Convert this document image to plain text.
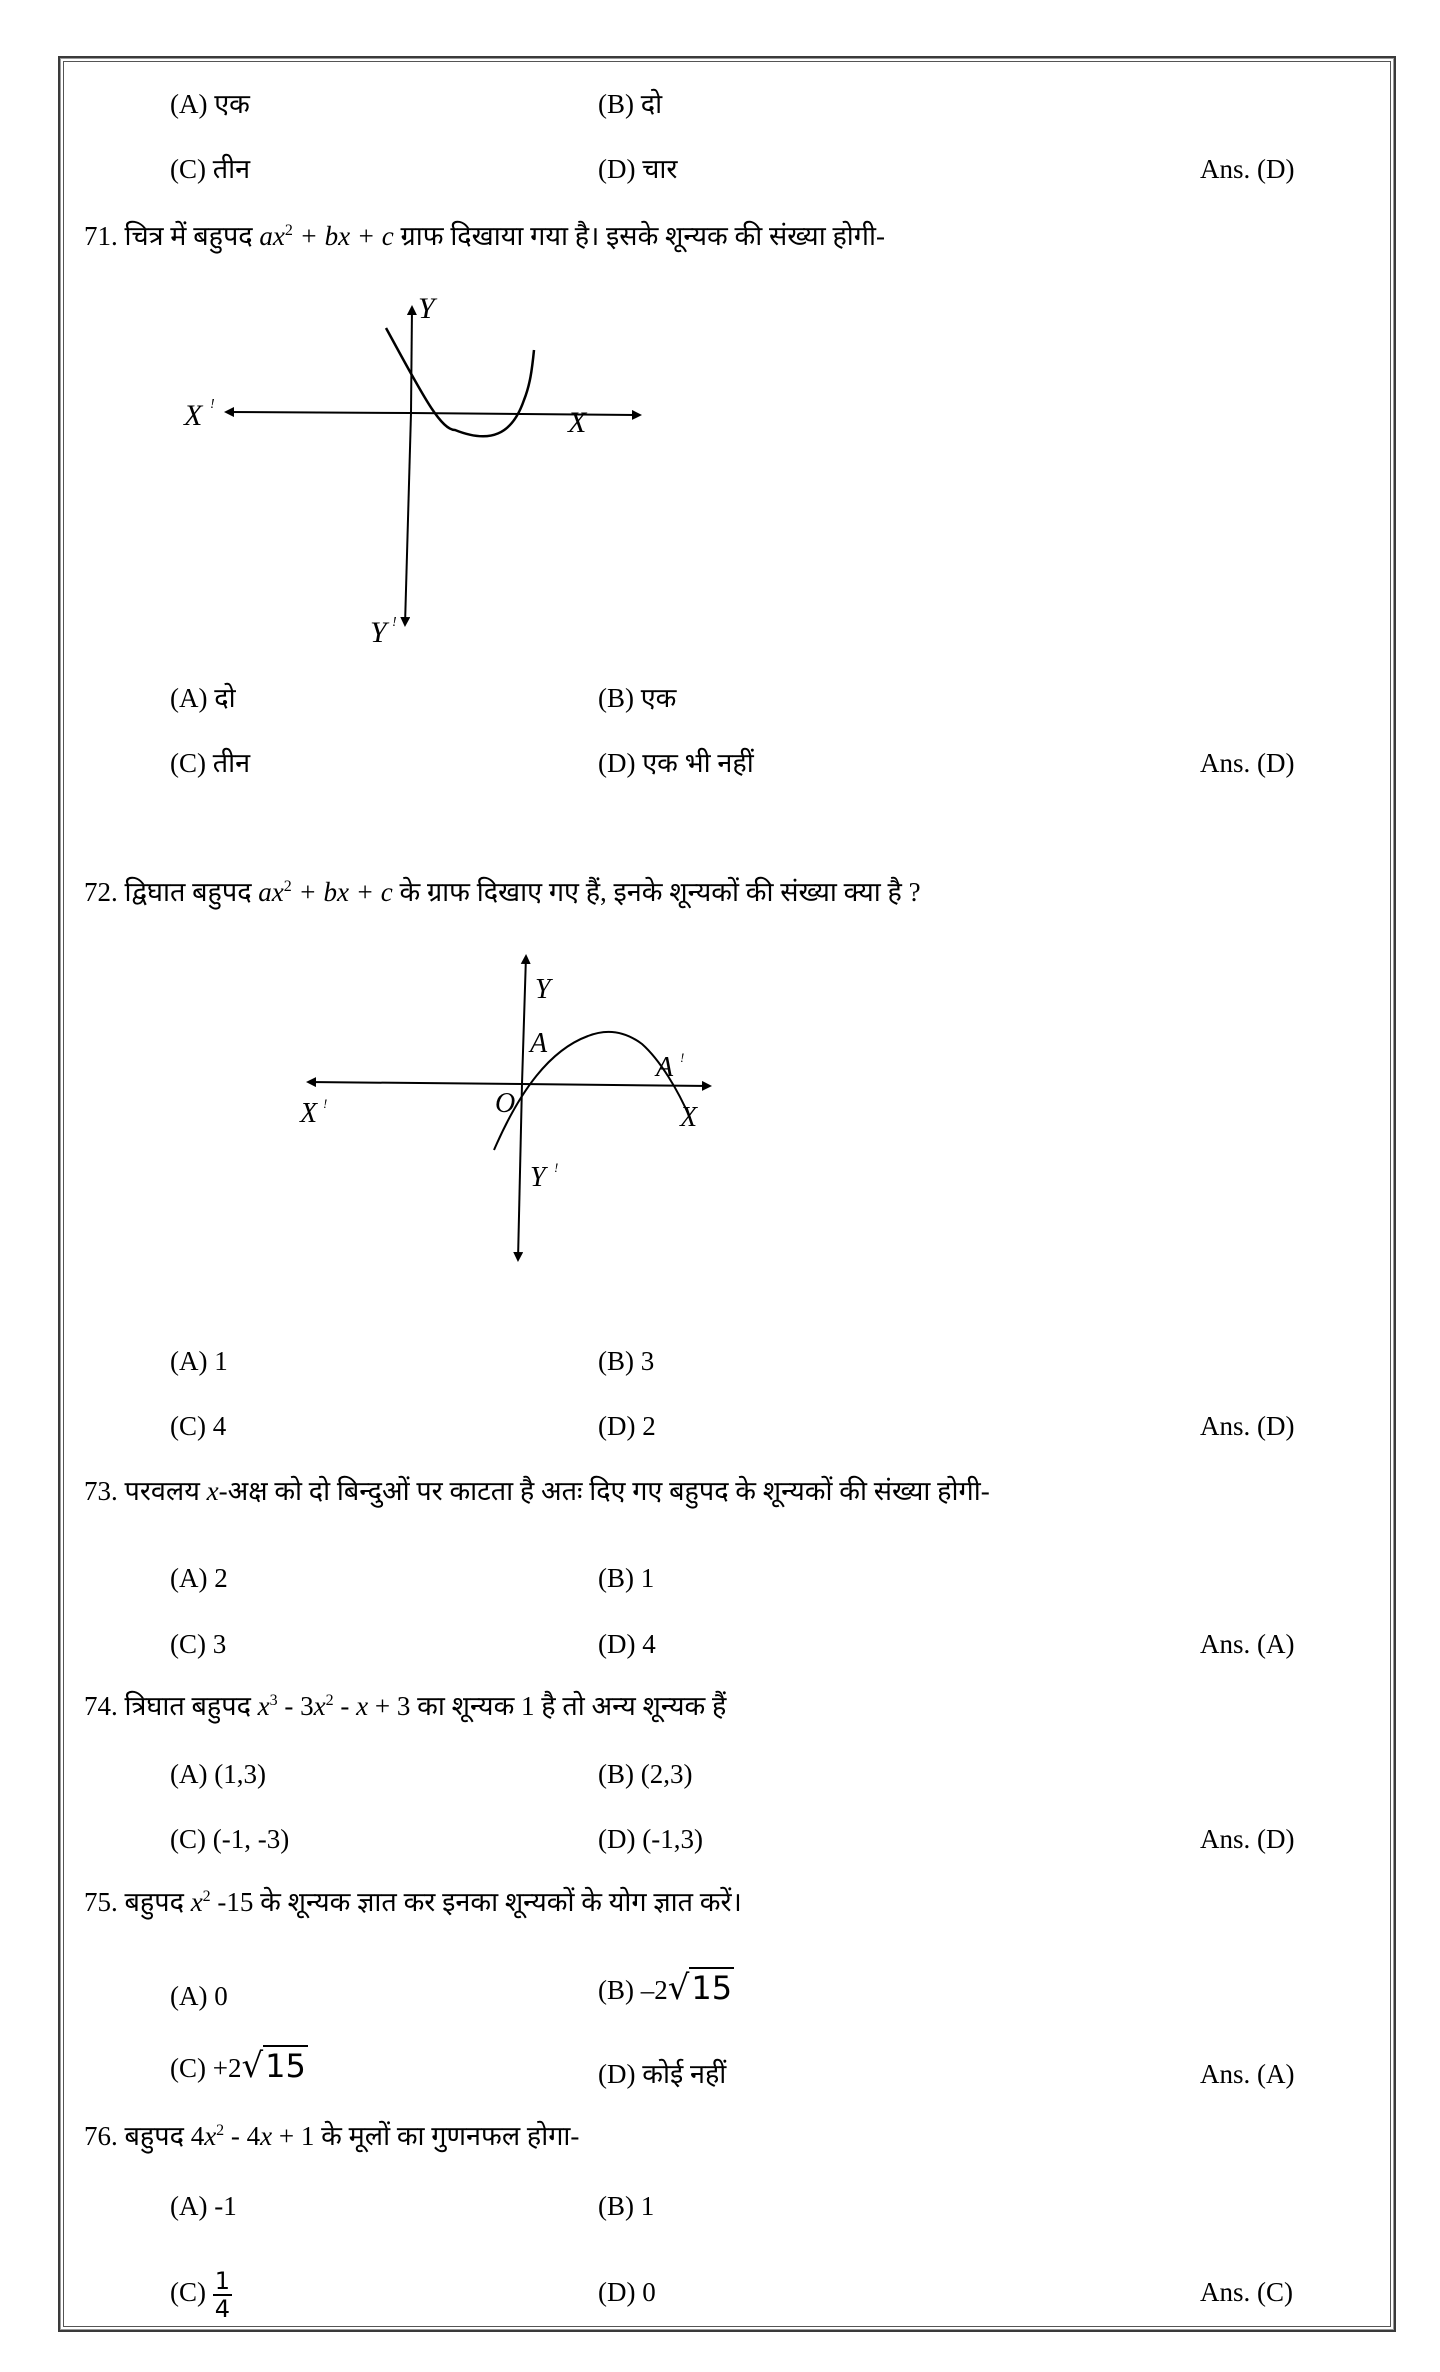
(A) एक	(B) दो
(C) तीन	(D) चार	Ans. (D)
71. चित्र में बहुपद $ax^2$ + bx + c ग्राफ दिखाया गया है। इसके शून्यक की संख्या होगी-
Y
X
X !
Y !
(A) दो	(B) एक
(C) तीन	(D) एक भी नहीं	Ans. (D)
72. द्विघात बहुपद $ax^2$ + bx + c के ग्राफ दिखाए गए हैं, इनके शून्यकों की संख्या क्या है ?
Y
A
A !
O	X
X !
Y !
(A) 1	(B) 3
(C) 4	(D) 2	Ans. (D)
73. परवलय x-अक्ष को दो बिन्दुओं पर काटता है अतः दिए गए बहुपद के शून्यकों की संख्या होगी-
(A) 2	(B) 1
(C) 3	(D) 4	Ans. (A)
74. त्रिघात बहुपद $x^3 - 3x^2 - x + 3$ का शून्यक 1 है तो अन्य शून्यक हैं
(A) (1,3)	(B) (2,3)
(C) (-1, -3)	(D) (-1,3)	Ans. (D)
75. बहुपद $x^2$ -15 के शून्यक ज्ञात कर इनका शून्यकों के योग ज्ञात करें।
(A) 0	(B) –2√15
(C) +2√15	(D) कोई नहीं	Ans. (A)
76. बहुपद $4x^2 - 4x + 1$ के मूलों का गुणनफल होगा-
(A) -1	(B) 1
$(C) \frac{1}{4}$	(D) 0	Ans. (C)
